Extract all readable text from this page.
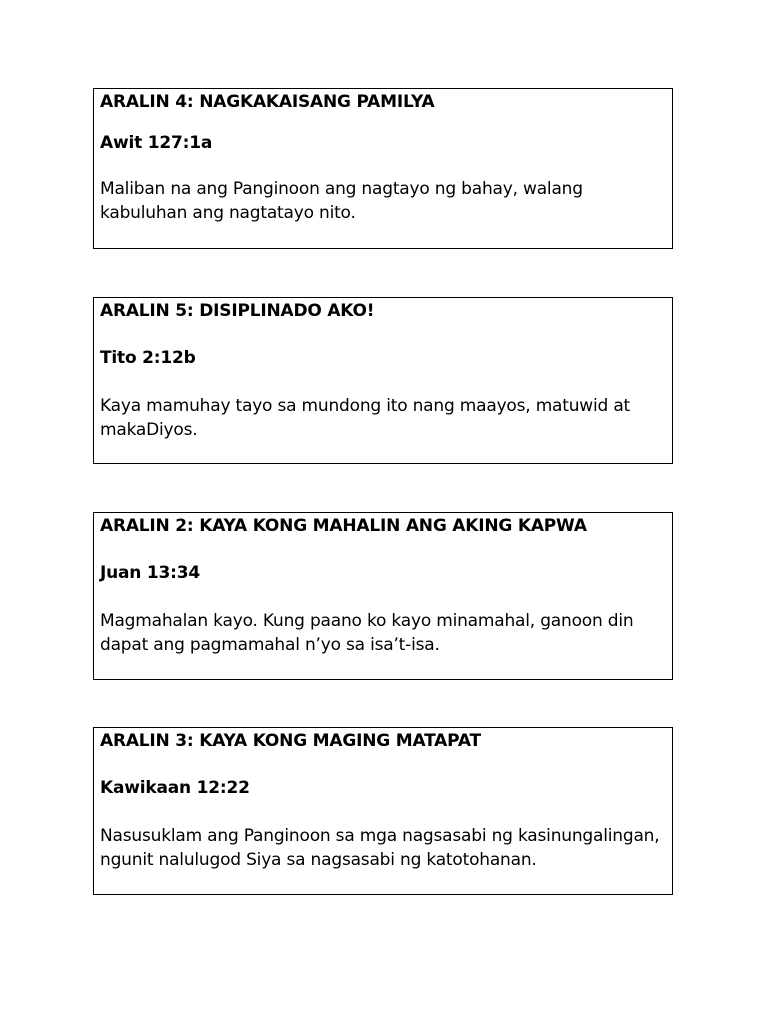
ARALIN 4: NAGKAKAISANG PAMILYA

Awit 127:1a

Maliban na ang Panginoon ang nagtayo ng bahay, walang kabuluhan ang nagtatayo nito.

ARALIN 5: DISIPLINADO AKO!

Tito 2:12b

Kaya mamuhay tayo sa mundong ito nang maayos, matuwid at makaDiyos.

ARALIN 2: KAYA KONG MAHALIN ANG AKING KAPWA

Juan 13:34

Magmahalan kayo. Kung paano ko kayo minamahal, ganoon din dapat ang pagmamahal n’yo sa isa’t-isa.

ARALIN 3: KAYA KONG MAGING MATAPAT

Kawikaan 12:22

Nasusuklam ang Panginoon sa mga nagsasabi ng kasinungalingan, ngunit nalulugod Siya sa nagsasabi ng katotohanan.
